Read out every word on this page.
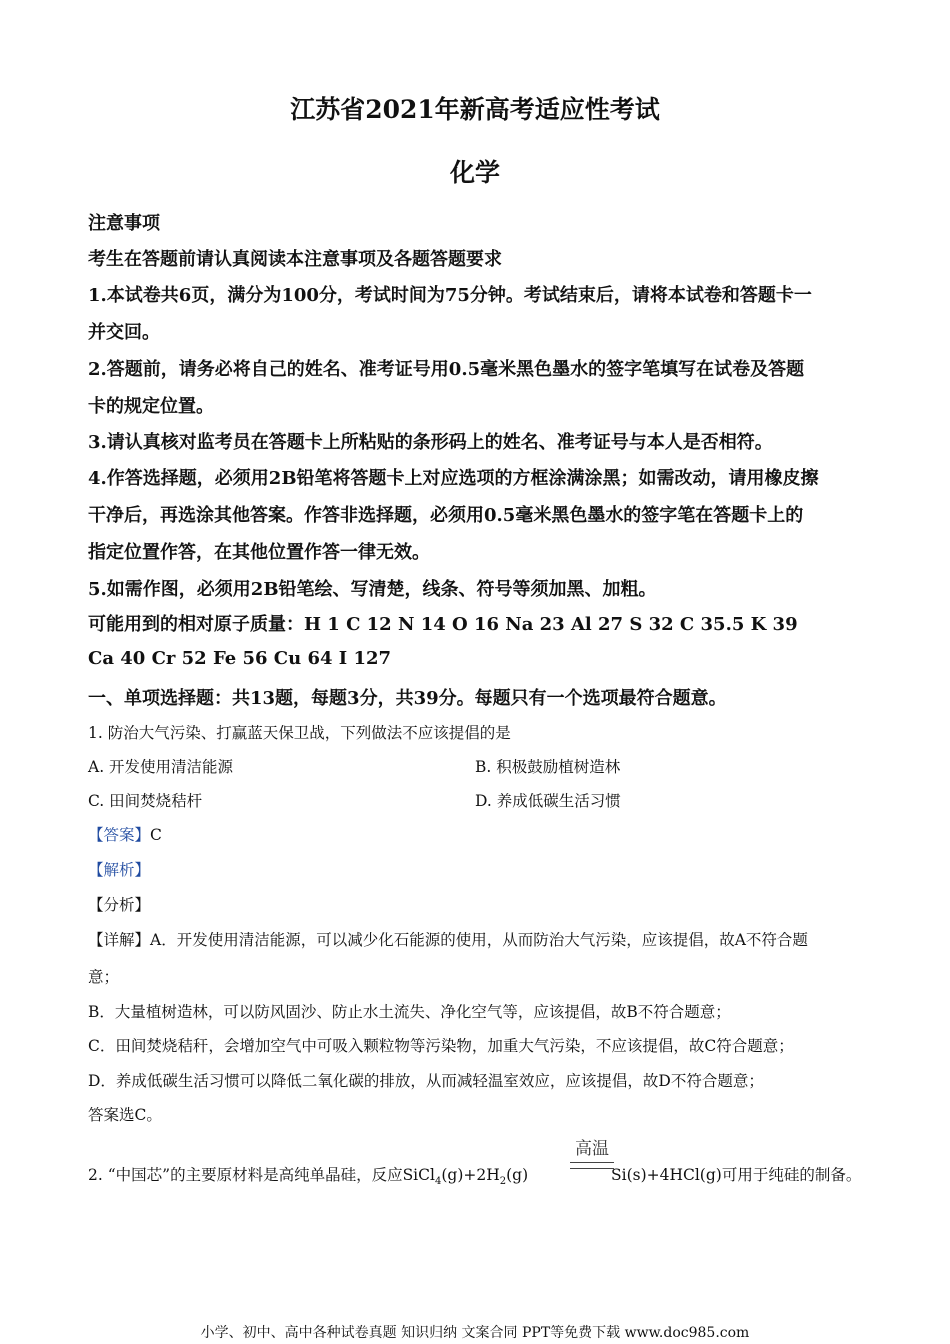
江苏省2021年新高考适应性考试
化学
注意事项
考生在答题前请认真阅读本注意事项及各题答题要求
1.本试卷共6页，满分为100分，考试时间为75分钟。考试结束后，请将本试卷和答题卡一
并交回。
2.答题前，请务必将自己的姓名、准考证号用0.5毫米黑色墨水的签字笔填写在试卷及答题
卡的规定位置。
3.请认真核对监考员在答题卡上所粘贴的条形码上的姓名、准考证号与本人是否相符。
4.作答选择题，必须用2B铅笔将答题卡上对应选项的方框涂满涂黑；如需改动，请用橡皮擦
干净后，再选涂其他答案。作答非选择题，必须用0.5毫米黑色墨水的签字笔在答题卡上的
指定位置作答，在其他位置作答一律无效。
5.如需作图，必须用2B铅笔绘、写清楚，线条、符号等须加黑、加粗。
可能用到的相对原子质量：H 1 C 12 N 14 O 16 Na 23 Al 27 S 32 C 35.5 K 39
Ca 40 Cr 52 Fe 56 Cu 64 I 127
一、单项选择题：共13题，每题3分，共39分。每题只有一个选项最符合题意。
1. 防治大气污染、打赢蓝天保卫战，下列做法不应该提倡的是
A. 开发使用清洁能源	B. 积极鼓励植树造林
C. 田间焚烧秸杆	D. 养成低碳生活习惯
【答案】C
【解析】
【分析】
【详解】A．开发使用清洁能源，可以减少化石能源的使用，从而防治大气污染，应该提倡，故A不符合题
意；
B．大量植树造林，可以防风固沙、防止水土流失、净化空气等，应该提倡，故B不符合题意；
C．田间焚烧秸秆，会增加空气中可吸入颗粒物等污染物，加重大气污染，不应该提倡，故C符合题意；
D．养成低碳生活习惯可以降低二氧化碳的排放，从而减轻温室效应，应该提倡，故D不符合题意；
答案选C。
2. “中国芯”的主要原材料是高纯单晶硅，反应$SiCl_4(g)+2H_2(g)$
高温
Si(s)+4HCl(g)可用于纯硅的制备。
小学、初中、高中各种试卷真题 知识归纳 文案合同 PPT等免费下载 www.doc985.com
